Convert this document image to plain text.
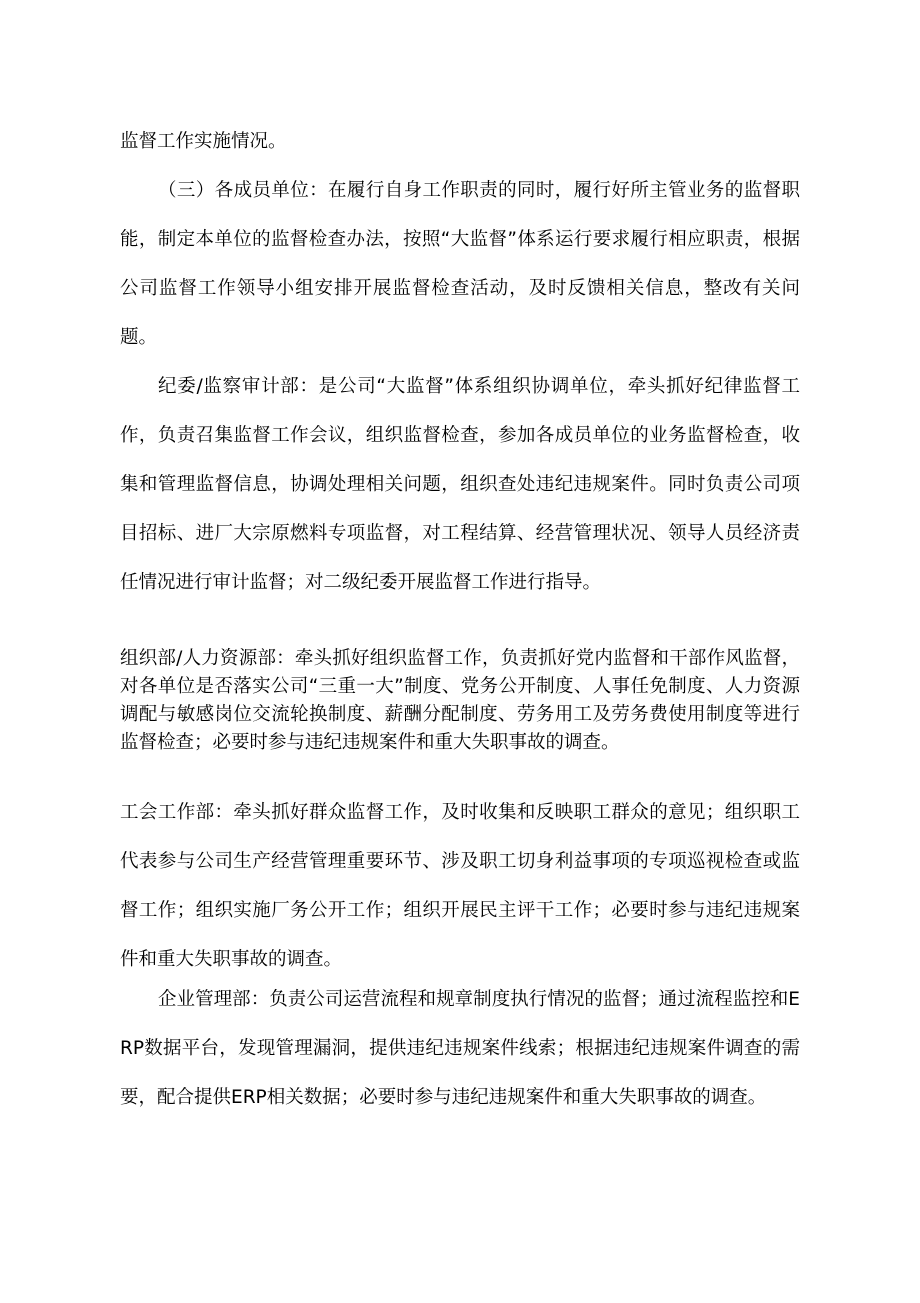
监督工作实施情况。

（三）各成员单位：在履行自身工作职责的同时，履行好所主管业务的监督职能，制定本单位的监督检查办法，按照“大监督”体系运行要求履行相应职责，根据公司监督工作领导小组安排开展监督检查活动，及时反馈相关信息，整改有关问题。

纪委/监察审计部：是公司“大监督”体系组织协调单位，牵头抓好纪律监督工作，负责召集监督工作会议，组织监督检查，参加各成员单位的业务监督检查，收集和管理监督信息，协调处理相关问题，组织查处违纪违规案件。同时负责公司项目招标、进厂大宗原燃料专项监督，对工程结算、经营管理状况、领导人员经济责任情况进行审计监督；对二级纪委开展监督工作进行指导。

组织部/人力资源部：牵头抓好组织监督工作，负责抓好党内监督和干部作风监督，对各单位是否落实公司“三重一大”制度、党务公开制度、人事任免制度、人力资源调配与敏感岗位交流轮换制度、薪酬分配制度、劳务用工及劳务费使用制度等进行监督检查；必要时参与违纪违规案件和重大失职事故的调查。

工会工作部：牵头抓好群众监督工作，及时收集和反映职工群众的意见；组织职工代表参与公司生产经营管理重要环节、涉及职工切身利益事项的专项巡视检查或监督工作；组织实施厂务公开工作；组织开展民主评干工作；必要时参与违纪违规案件和重大失职事故的调查。

企业管理部：负责公司运营流程和规章制度执行情况的监督；通过流程监控和ERP数据平台，发现管理漏洞，提供违纪违规案件线索；根据违纪违规案件调查的需要，配合提供ERP相关数据；必要时参与违纪违规案件和重大失职事故的调查。
